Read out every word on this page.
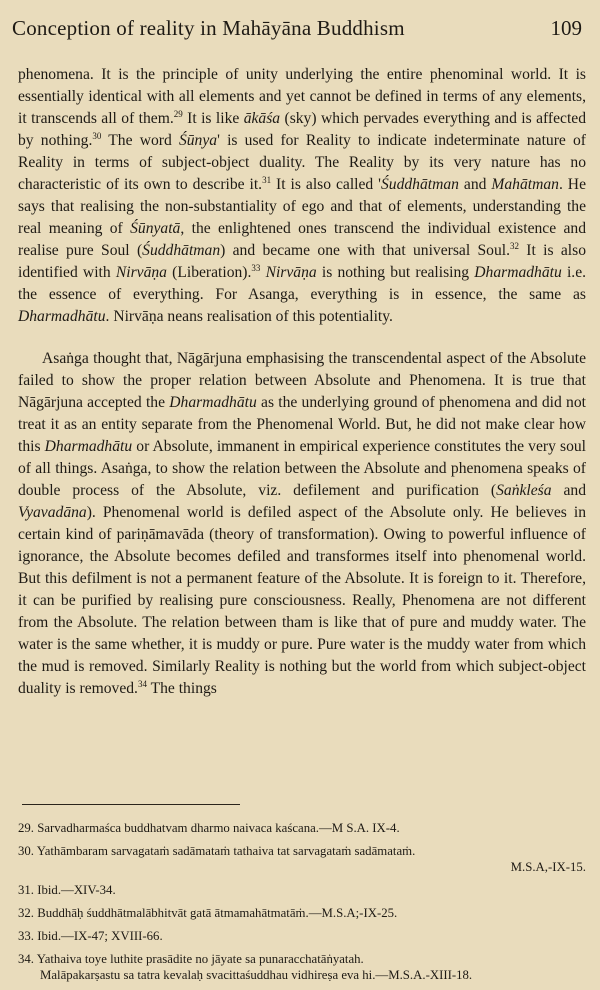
Conception of reality in Mahāyāna Buddhism	109

phenomena. It is the principle of unity underlying the entire phenominal world. It is essentially identical with all elements and yet cannot be defined in terms of any elements, it transcends all of them.$^{29}$ It is like ākāśa (sky) which pervades everything and is affected by nothing.$^{30}$ The word Śūnya' is used for Reality to indicate indeterminate nature of Reality in terms of subject-object duality. The Reality by its very nature has no characteristic of its own to describe it.$^{31}$ It is also called 'Śuddhātman and Mahātman. He says that realising the non-substantiality of ego and that of elements, understanding the real meaning of Śūnyatā, the enlightened ones transcend the individual existence and realise pure Soul (Śuddhātman) and became one with that universal Soul.$^{32}$ It is also identified with Nirvāṇa (Liberation).$^{33}$ Nirvāṇa is nothing but realising Dharmadhātu i.e. the essence of everything. For Asanga, everything is in essence, the same as Dharmadhātu. Nirvāṇa neans realisation of this potentiality.

Asaṅga thought that, Nāgārjuna emphasising the transcendental aspect of the Absolute failed to show the proper relation between Absolute and Phenomena. It is true that Nāgārjuna accepted the Dharmadhātu as the underlying ground of phenomena and did not treat it as an entity separate from the Phenomenal World. But, he did not make clear how this Dharmadhātu or Absolute, immanent in empirical experience constitutes the very soul of all things. Asaṅga, to show the relation between the Absolute and phenomena speaks of double process of the Absolute, viz. defilement and purification (Saṅkleśa and Vyavadāna). Phenomenal world is defiled aspect of the Absolute only. He believes in certain kind of pariṇāmavāda (theory of transformation). Owing to powerful influence of ignorance, the Absolute becomes defiled and transformes itself into phenomenal world. But this defilment is not a permanent feature of the Absolute. It is foreign to it. Therefore, it can be purified by realising pure consciousness. Really, Phenomena are not different from the Absolute. The relation between tham is like that of pure and muddy water. The water is the same whether, it is muddy or pure. Pure water is the muddy water from which the mud is removed. Similarly Reality is nothing but the world from which subject-object duality is removed.$^{34}$ The things

29. Sarvadharmaśca buddhatvam dharmo naivaca kaścana.—M S.A. IX-4.
30. Yathāmbaram sarvagataṁ sadāmataṁ tathaiva tat sarvagataṁ sadāmataṁ.
M.S.A,-IX-15.
31. Ibid.—XIV-34.
32. Buddhāḥ śuddhātmalābhitvāt gatā ātmamahātmatāṁ.—M.S.A;-IX-25.
33. Ibid.—IX-47; XVIII-66.
34. Yathaiva toye luthite prasādite no jāyate sa punaracchatāṅyatah.
Malāpakarṣastu sa tatra kevalaḥ svacittaśuddhau vidhireṣa eva hi.—M.S.A.-XIII-18.
